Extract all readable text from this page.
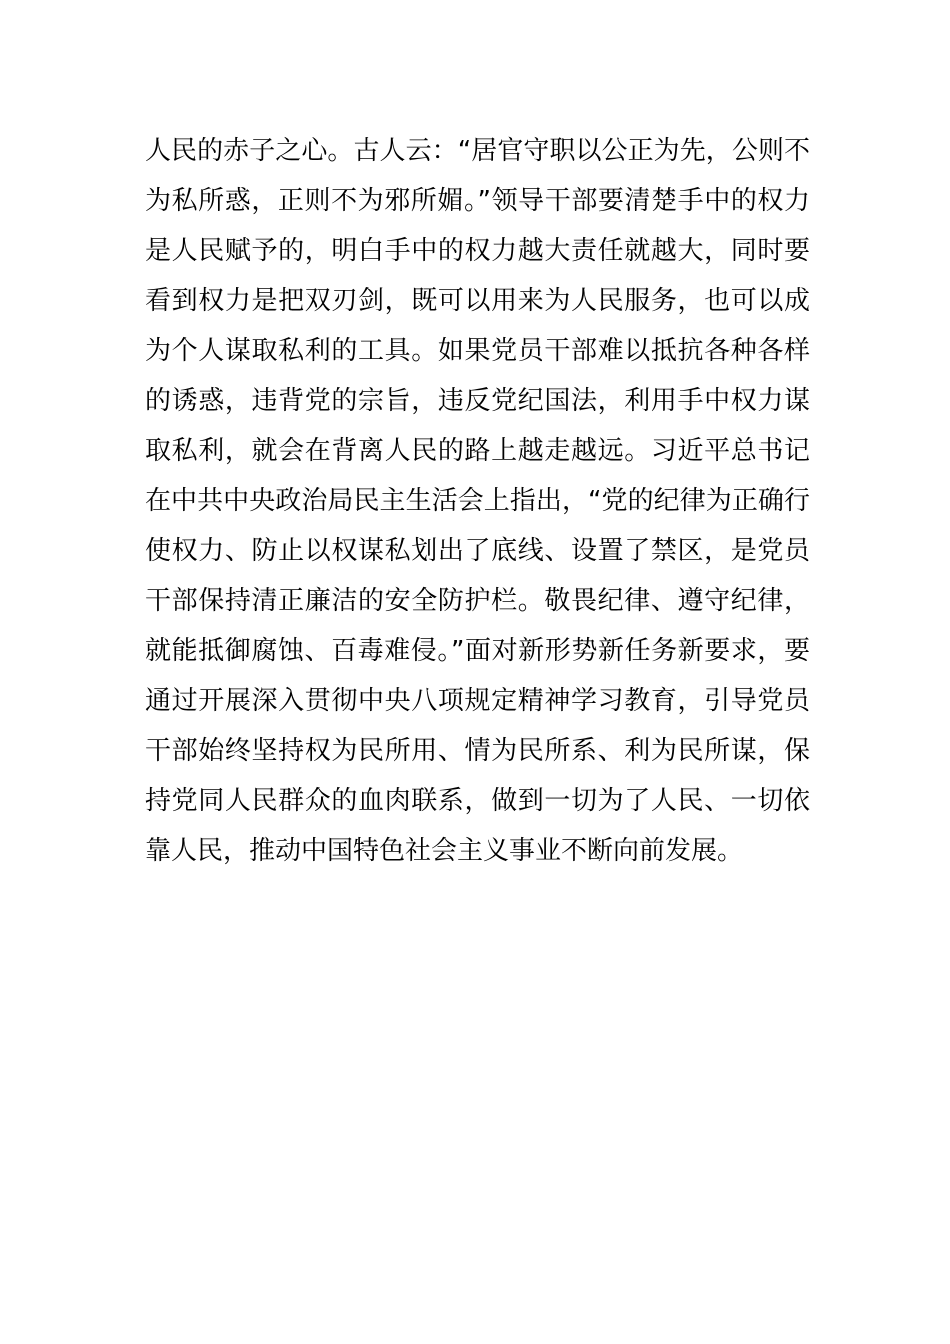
人民的赤子之心。古人云：“居官守职以公正为先，公则不
为私所惑，正则不为邪所媚。”领导干部要清楚手中的权力
是人民赋予的，明白手中的权力越大责任就越大，同时要
看到权力是把双刃剑，既可以用来为人民服务，也可以成
为个人谋取私利的工具。如果党员干部难以抵抗各种各样
的诱惑，违背党的宗旨，违反党纪国法，利用手中权力谋
取私利，就会在背离人民的路上越走越远。习近平总书记
在中共中央政治局民主生活会上指出，“党的纪律为正确行
使权力、防止以权谋私划出了底线、设置了禁区，是党员
干部保持清正廉洁的安全防护栏。敬畏纪律、遵守纪律，
就能抵御腐蚀、百毒难侵。”面对新形势新任务新要求，要
通过开展深入贯彻中央八项规定精神学习教育，引导党员
干部始终坚持权为民所用、情为民所系、利为民所谋，保
持党同人民群众的血肉联系，做到一切为了人民、一切依
靠人民，推动中国特色社会主义事业不断向前发展。
